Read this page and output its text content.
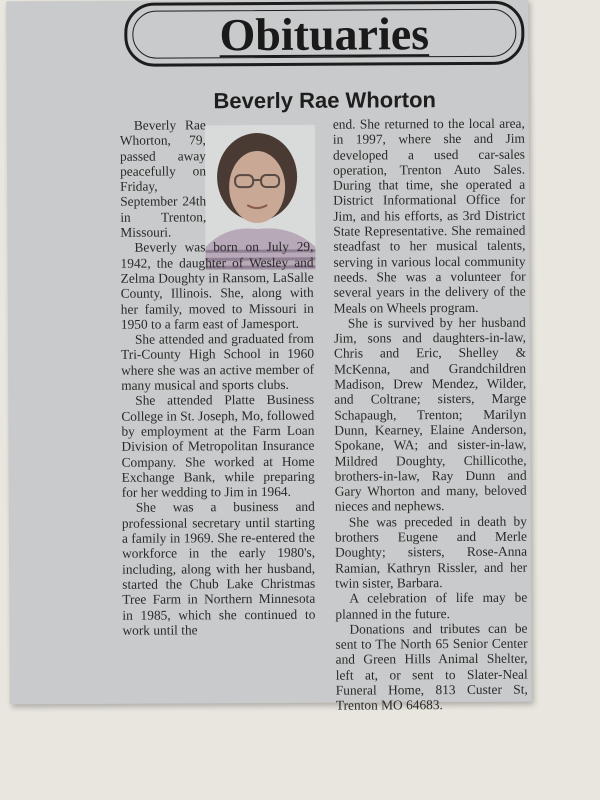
Obituaries
Beverly Rae Whorton

Beverly Rae Whorton, 79, passed away peacefully on Friday, September 24th in Trenton, Missouri.

Beverly was born on July 29, 1942, the daughter of Wesley and Zelma Doughty in Ransom, LaSalle County, Illinois. She, along with her family, moved to Missouri in 1950 to a farm east of Jamesport.

She attended and graduated from Tri-County High School in 1960 where she was an active member of many musical and sports clubs.

She attended Platte Business College in St. Joseph, Mo, followed by employment at the Farm Loan Division of Metropolitan Insurance Company. She worked at Home Exchange Bank, while preparing for her wedding to Jim in 1964.

She was a business and professional secretary until starting a family in 1969. She re-entered the workforce in the early 1980's, including, along with her husband, started the Chub Lake Christmas Tree Farm in Northern Minnesota in 1985, which she continued to work until the

end. She returned to the local area, in 1997, where she and Jim developed a used car-sales operation, Trenton Auto Sales. During that time, she operated a District Informational Office for Jim, and his efforts, as 3rd District State Representative. She remained steadfast to her musical talents, serving in various local community needs. She was a volunteer for several years in the delivery of the Meals on Wheels program.

She is survived by her husband Jim, sons and daughters-in-law, Chris and Eric, Shelley & McKenna, and Grandchildren Madison, Drew Mendez, Wilder, and Coltrane; sisters, Marge Schapaugh, Trenton; Marilyn Dunn, Kearney, Elaine Anderson, Spokane, WA; and sister-in-law, Mildred Doughty, Chillicothe, brothers-in-law, Ray Dunn and Gary Whorton and many, beloved nieces and nephews.

She was preceded in death by brothers Eugene and Merle Doughty; sisters, Rose-Anna Ramian, Kathryn Rissler, and her twin sister, Barbara.

A celebration of life may be planned in the future.

Donations and tributes can be sent to The North 65 Senior Center and Green Hills Animal Shelter, left at, or sent to Slater-Neal Funeral Home, 813 Custer St, Trenton MO 64683.
